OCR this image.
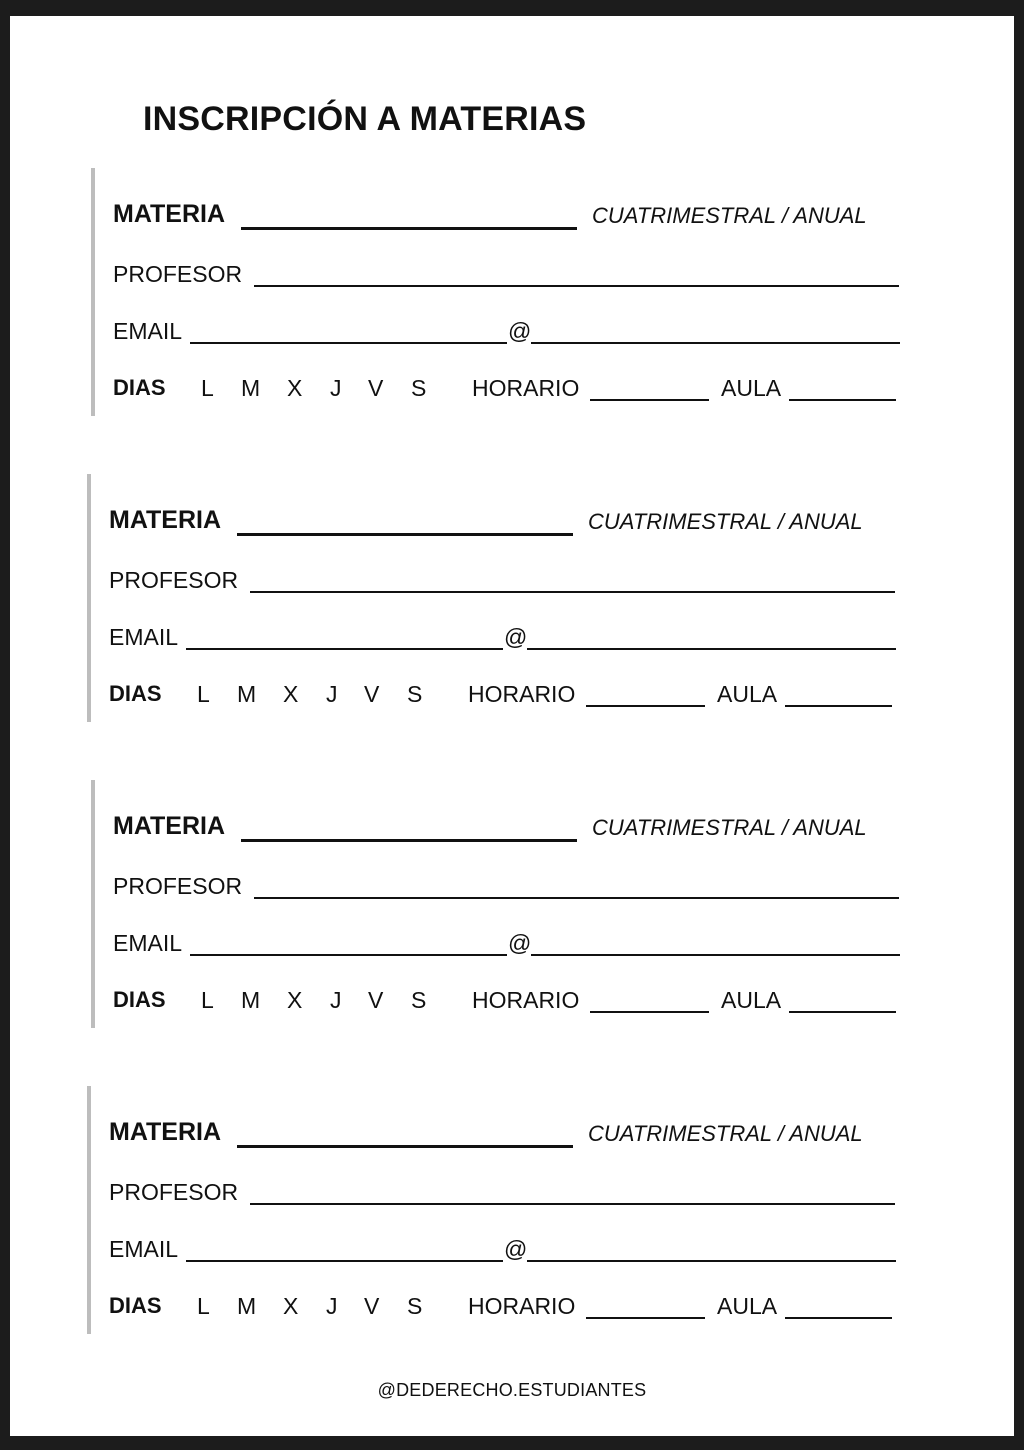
INSCRIPCIÓN A MATERIAS
MATERIA	CUATRIMESTRAL / ANUAL
PROFESOR
EMAIL	@
DIAS L M X J V S HORARIO	AULA
MATERIA	CUATRIMESTRAL / ANUAL
PROFESOR
EMAIL	@
DIAS L M X J V S HORARIO	AULA
MATERIA	CUATRIMESTRAL / ANUAL
PROFESOR
EMAIL	@
DIAS L M X J V S HORARIO	AULA
MATERIA	CUATRIMESTRAL / ANUAL
PROFESOR
EMAIL	@
DIAS L M X J V S HORARIO	AULA
@DEDERECHO.ESTUDIANTES
